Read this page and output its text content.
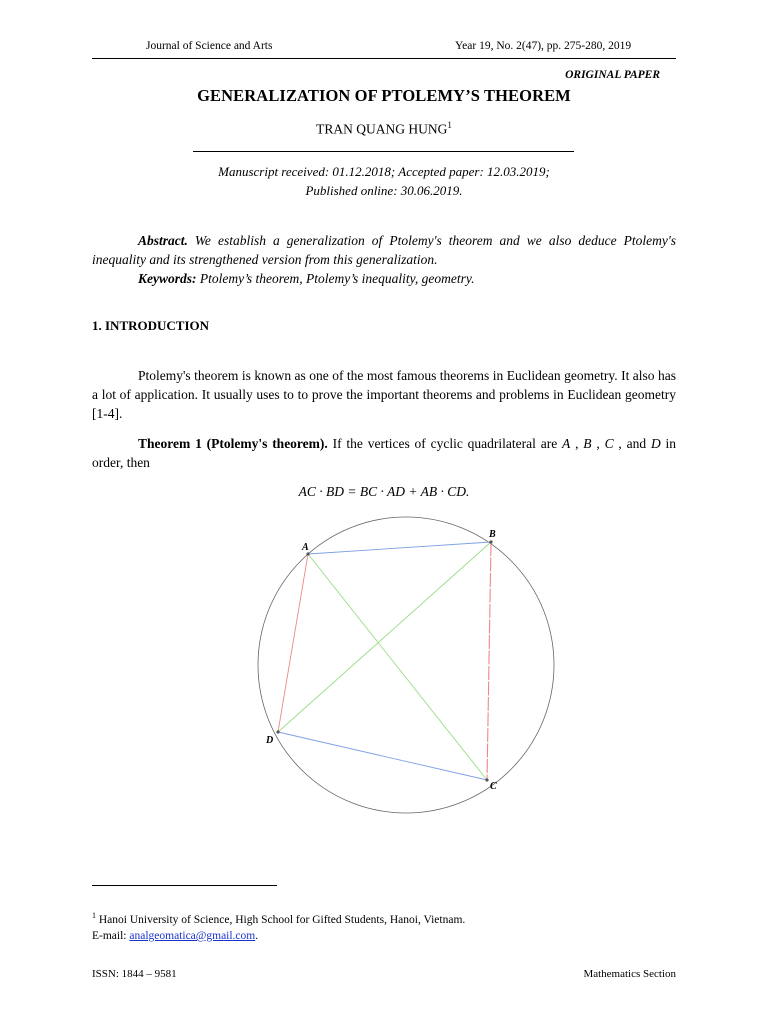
Journal of Science and Arts	Year 19, No. 2(47), pp. 275-280, 2019
ORIGINAL PAPER
GENERALIZATION OF PTOLEMY’S THEOREM
TRAN QUANG HUNG$^1$
Manuscript received: 01.12.2018; Accepted paper: 12.03.2019;
Published online: 30.06.2019.
Abstract. We establish a generalization of Ptolemy's theorem and we also deduce Ptolemy's inequality and its strengthened version from this generalization.
Keywords: Ptolemy’s theorem, Ptolemy’s inequality, geometry.
1. INTRODUCTION
Ptolemy's theorem is known as one of the most famous theorems in Euclidean geometry. It also has a lot of application. It usually uses to to prove the important theorems and problems in Euclidean geometry [1-4].
Theorem 1 (Ptolemy's theorem). If the vertices of cyclic quadrilateral are A , B , C , and D in order, then
AC · BD = BC · AD + AB · CD.
A
B
C
D
$^1$ Hanoi University of Science, High School for Gifted Students, Hanoi, Vietnam.
E-mail: analgeomatica@gmail.com.
ISSN: 1844 – 9581	Mathematics Section
